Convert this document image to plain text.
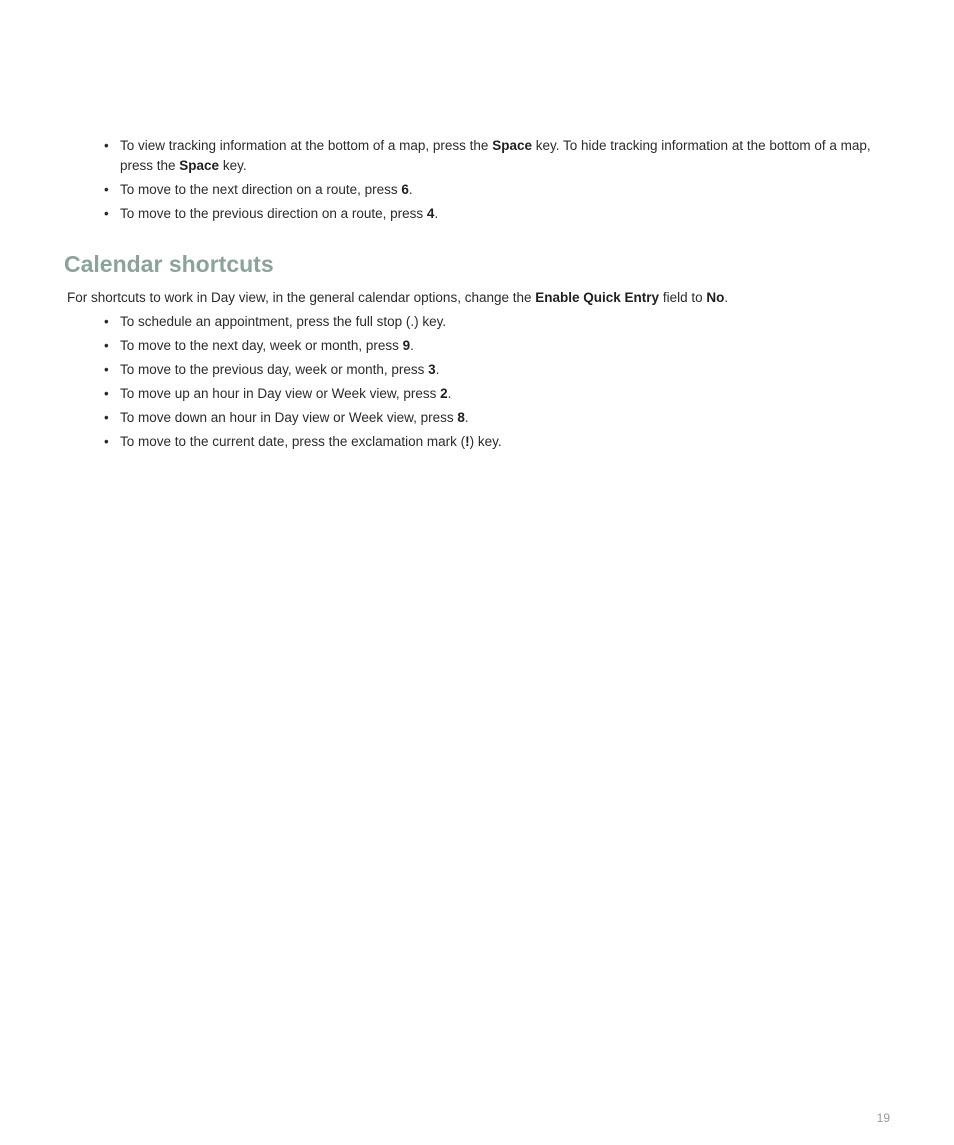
• To view tracking information at the bottom of a map, press the Space key. To hide tracking information at the bottom of a map, press the Space key.
• To move to the next direction on a route, press 6.
• To move to the previous direction on a route, press 4.
Calendar shortcuts

For shortcuts to work in Day view, in the general calendar options, change the Enable Quick Entry field to No.

• To schedule an appointment, press the full stop (.) key.
• To move to the next day, week or month, press 9.
• To move to the previous day, week or month, press 3.
• To move up an hour in Day view or Week view, press 2.
• To move down an hour in Day view or Week view, press 8.
• To move to the current date, press the exclamation mark (!) key.
19
